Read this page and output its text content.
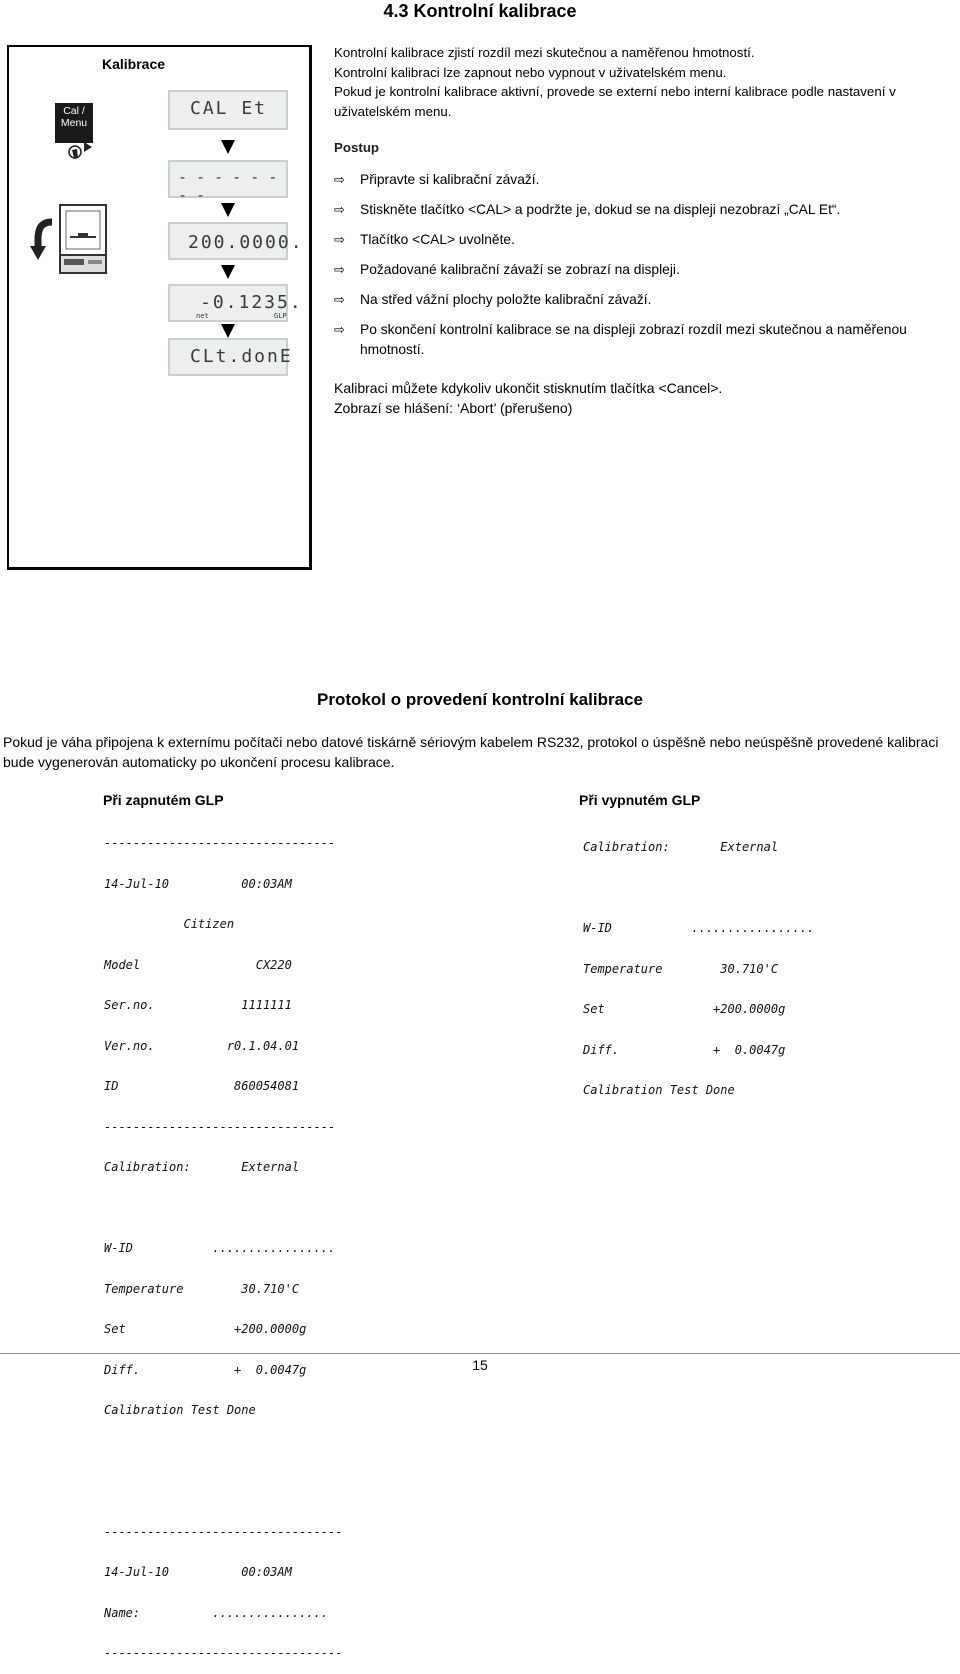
4.3 Kontrolní kalibrace
Kalibrace
Cal /
Menu
CAL Et
- - - - - - - -
200.0000.
-0.1235.
net	GLP
CLt.donE
Kontrolní kalibrace zjistí rozdíl mezi skutečnou a naměřenou hmotností.
Kontrolní kalibraci lze zapnout nebo vypnout v uživatelském menu.
Pokud je kontrolní kalibrace aktivní, provede se externí nebo interní kalibrace podle nastavení v uživatelském menu.
Postup
⇨	Připravte si kalibrační závaží.
⇨	Stiskněte tlačítko <CAL> a podržte je, dokud se na displeji nezobrazí „CAL Et“.
⇨	Tlačítko <CAL> uvolněte.
⇨	Požadované kalibrační závaží se zobrazí na displeji.
⇨	Na střed vážní plochy položte kalibrační závaží.
⇨	Po skončení kontrolní kalibrace se na displeji zobrazí rozdíl mezi skutečnou a naměřenou hmotností.
Kalibraci můžete kdykoliv ukončit stisknutím tlačítka <Cancel>.
Zobrazí se hlášení: ‘Abort’ (přerušeno)
Protokol o provedení kontrolní kalibrace
Pokud je váha připojena k externímu počítači nebo datové tiskárně sériovým kabelem RS232, protokol o úspěšně nebo neúspěšně provedené kalibraci bude vygenerován automaticky po ukončení procesu kalibrace.
Při zapnutém GLP

--------------------------------

14-Jul-10          00:03AM

Citizen

Model                CX220

Ser.no.            1111111

Ver.no.          r0.1.04.01

ID                860054081

--------------------------------

Calibration:       External

W-ID           .................

Temperature        30.710'C

Set               +200.0000g

Diff.             +  0.0047g

Calibration Test Done

---------------------------------

14-Jul-10          00:03AM

Name:          ................

---------------------------------

Při vypnutém GLP

Calibration:       External

W-ID           .................

Temperature        30.710'C

Set               +200.0000g

Diff.             +  0.0047g

Calibration Test Done

15
